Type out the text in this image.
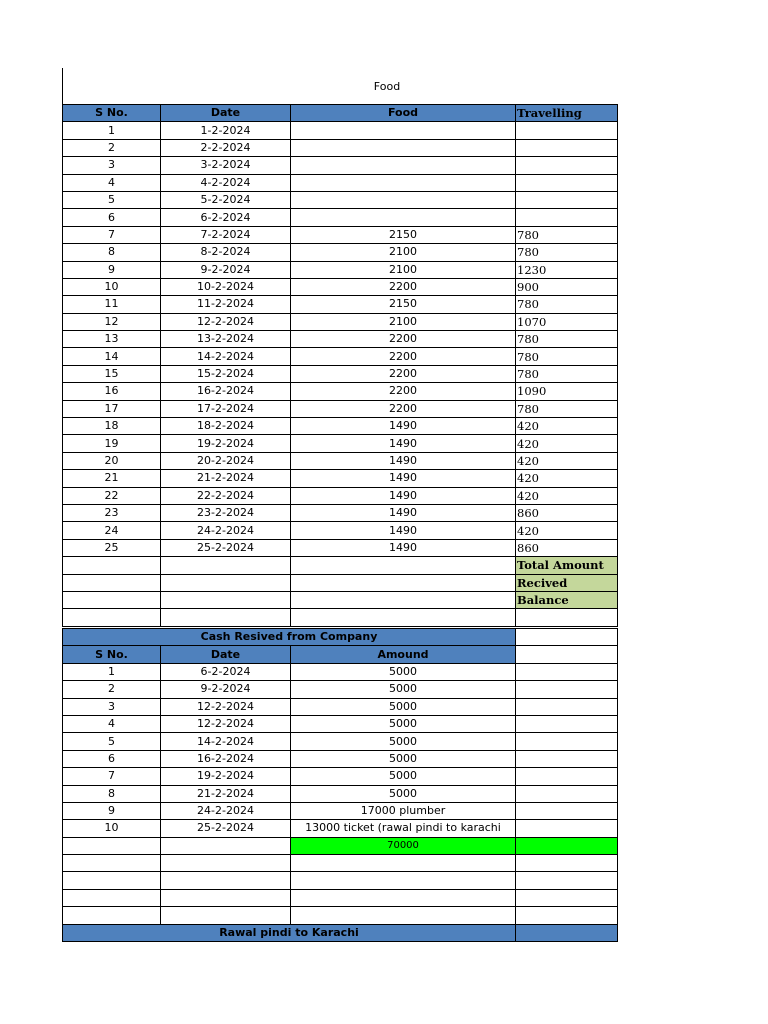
Food
S No.	Date	Food	Travelling
1	1-2-2024		
2	2-2-2024		
3	3-2-2024		
4	4-2-2024		
5	5-2-2024		
6	6-2-2024		
7	7-2-2024	2150	780
8	8-2-2024	2100	780
9	9-2-2024	2100	1230
10	10-2-2024	2200	900
11	11-2-2024	2150	780
12	12-2-2024	2100	1070
13	13-2-2024	2200	780
14	14-2-2024	2200	780
15	15-2-2024	2200	780
16	16-2-2024	2200	1090
17	17-2-2024	2200	780
18	18-2-2024	1490	420
19	19-2-2024	1490	420
20	20-2-2024	1490	420
21	21-2-2024	1490	420
22	22-2-2024	1490	420
23	23-2-2024	1490	860
24	24-2-2024	1490	420
25	25-2-2024	1490	860
			Total Amount
			Recived
			Balance

Cash Resived from Company			
S No.	Date	Amound	
1	6-2-2024	5000	
2	9-2-2024	5000	
3	12-2-2024	5000	
4	12-2-2024	5000	
5	14-2-2024	5000	
6	16-2-2024	5000	
7	19-2-2024	5000	
8	21-2-2024	5000	
9	24-2-2024	17000 plumber	
10	25-2-2024	13000 ticket (rawal pindi to karachi	
		70000	

Rawal pindi to Karachi			
